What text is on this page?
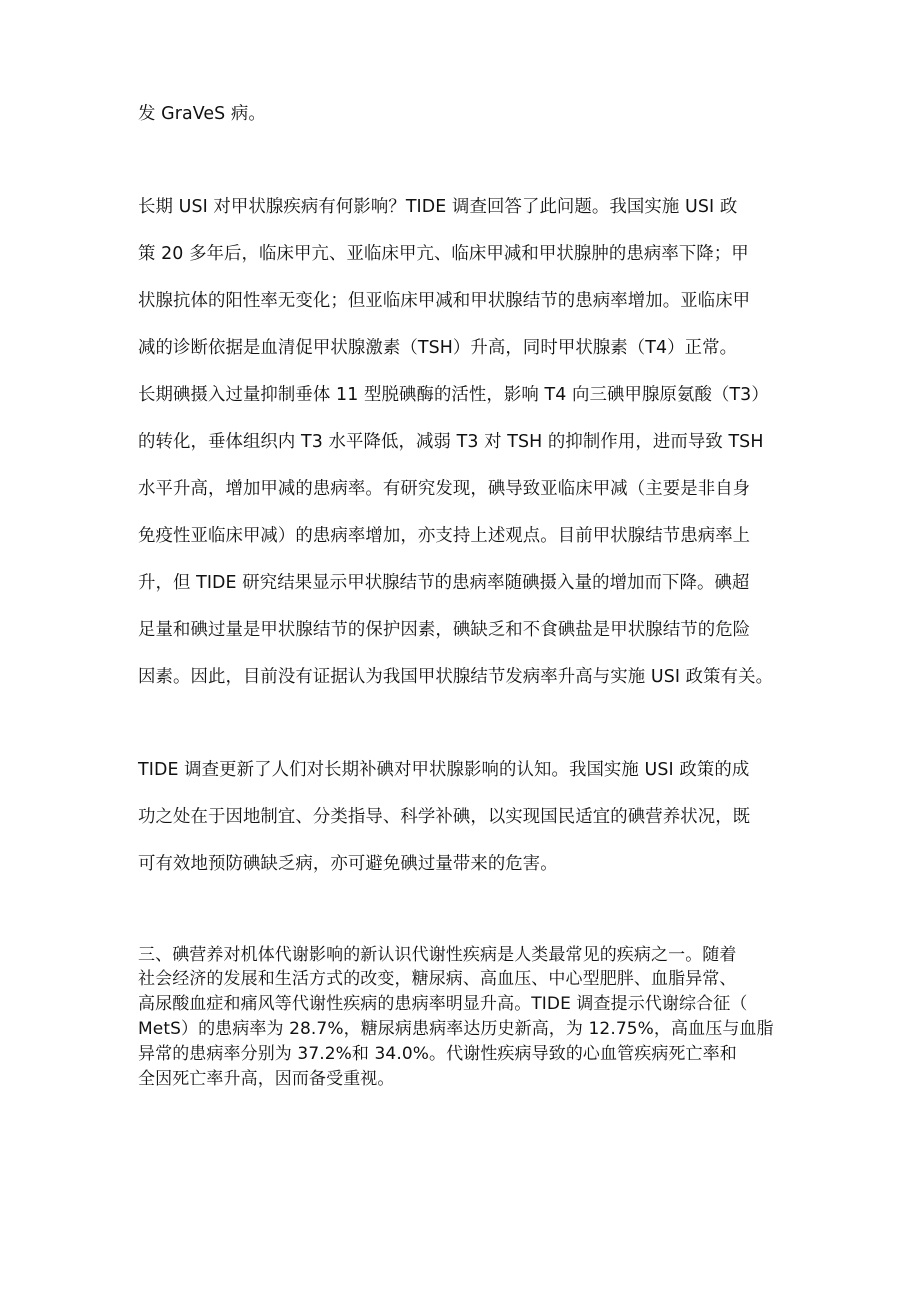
发 GraVeS 病。

长期 USI 对甲状腺疾病有何影响？TIDE 调查回答了此问题。我国实施 USI 政

策 20 多年后，临床甲亢、亚临床甲亢、临床甲减和甲状腺肿的患病率下降；甲

状腺抗体的阳性率无变化；但亚临床甲减和甲状腺结节的患病率增加。亚临床甲

减的诊断依据是血清促甲状腺激素（TSH）升高，同时甲状腺素（T4）正常。

长期碘摄入过量抑制垂体 11 型脱碘酶的活性，影响 T4 向三碘甲腺原氨酸（T3）

的转化，垂体组织内 T3 水平降低，减弱 T3 对 TSH 的抑制作用，进而导致 TSH

水平升高，增加甲减的患病率。有研究发现，碘导致亚临床甲减（主要是非自身

免疫性亚临床甲减）的患病率增加，亦支持上述观点。目前甲状腺结节患病率上

升，但 TIDE 研究结果显示甲状腺结节的患病率随碘摄入量的增加而下降。碘超

足量和碘过量是甲状腺结节的保护因素，碘缺乏和不食碘盐是甲状腺结节的危险

因素。因此，目前没有证据认为我国甲状腺结节发病率升高与实施 USI 政策有关。

TIDE 调查更新了人们对长期补碘对甲状腺影响的认知。我国实施 USI 政策的成

功之处在于因地制宜、分类指导、科学补碘，以实现国民适宜的碘营养状况，既

可有效地预防碘缺乏病，亦可避免碘过量带来的危害。

三、碘营养对机体代谢影响的新认识代谢性疾病是人类最常见的疾病之一。随着

社会经济的发展和生活方式的改变，糖尿病、高血压、中心型肥胖、血脂异常、

高尿酸血症和痛风等代谢性疾病的患病率明显升高。TIDE 调查提示代谢综合征（

MetS）的患病率为 28.7%，糖尿病患病率达历史新高，为 12.75%，高血压与血脂

异常的患病率分别为 37.2%和 34.0%。代谢性疾病导致的心血管疾病死亡率和

全因死亡率升高，因而备受重视。
